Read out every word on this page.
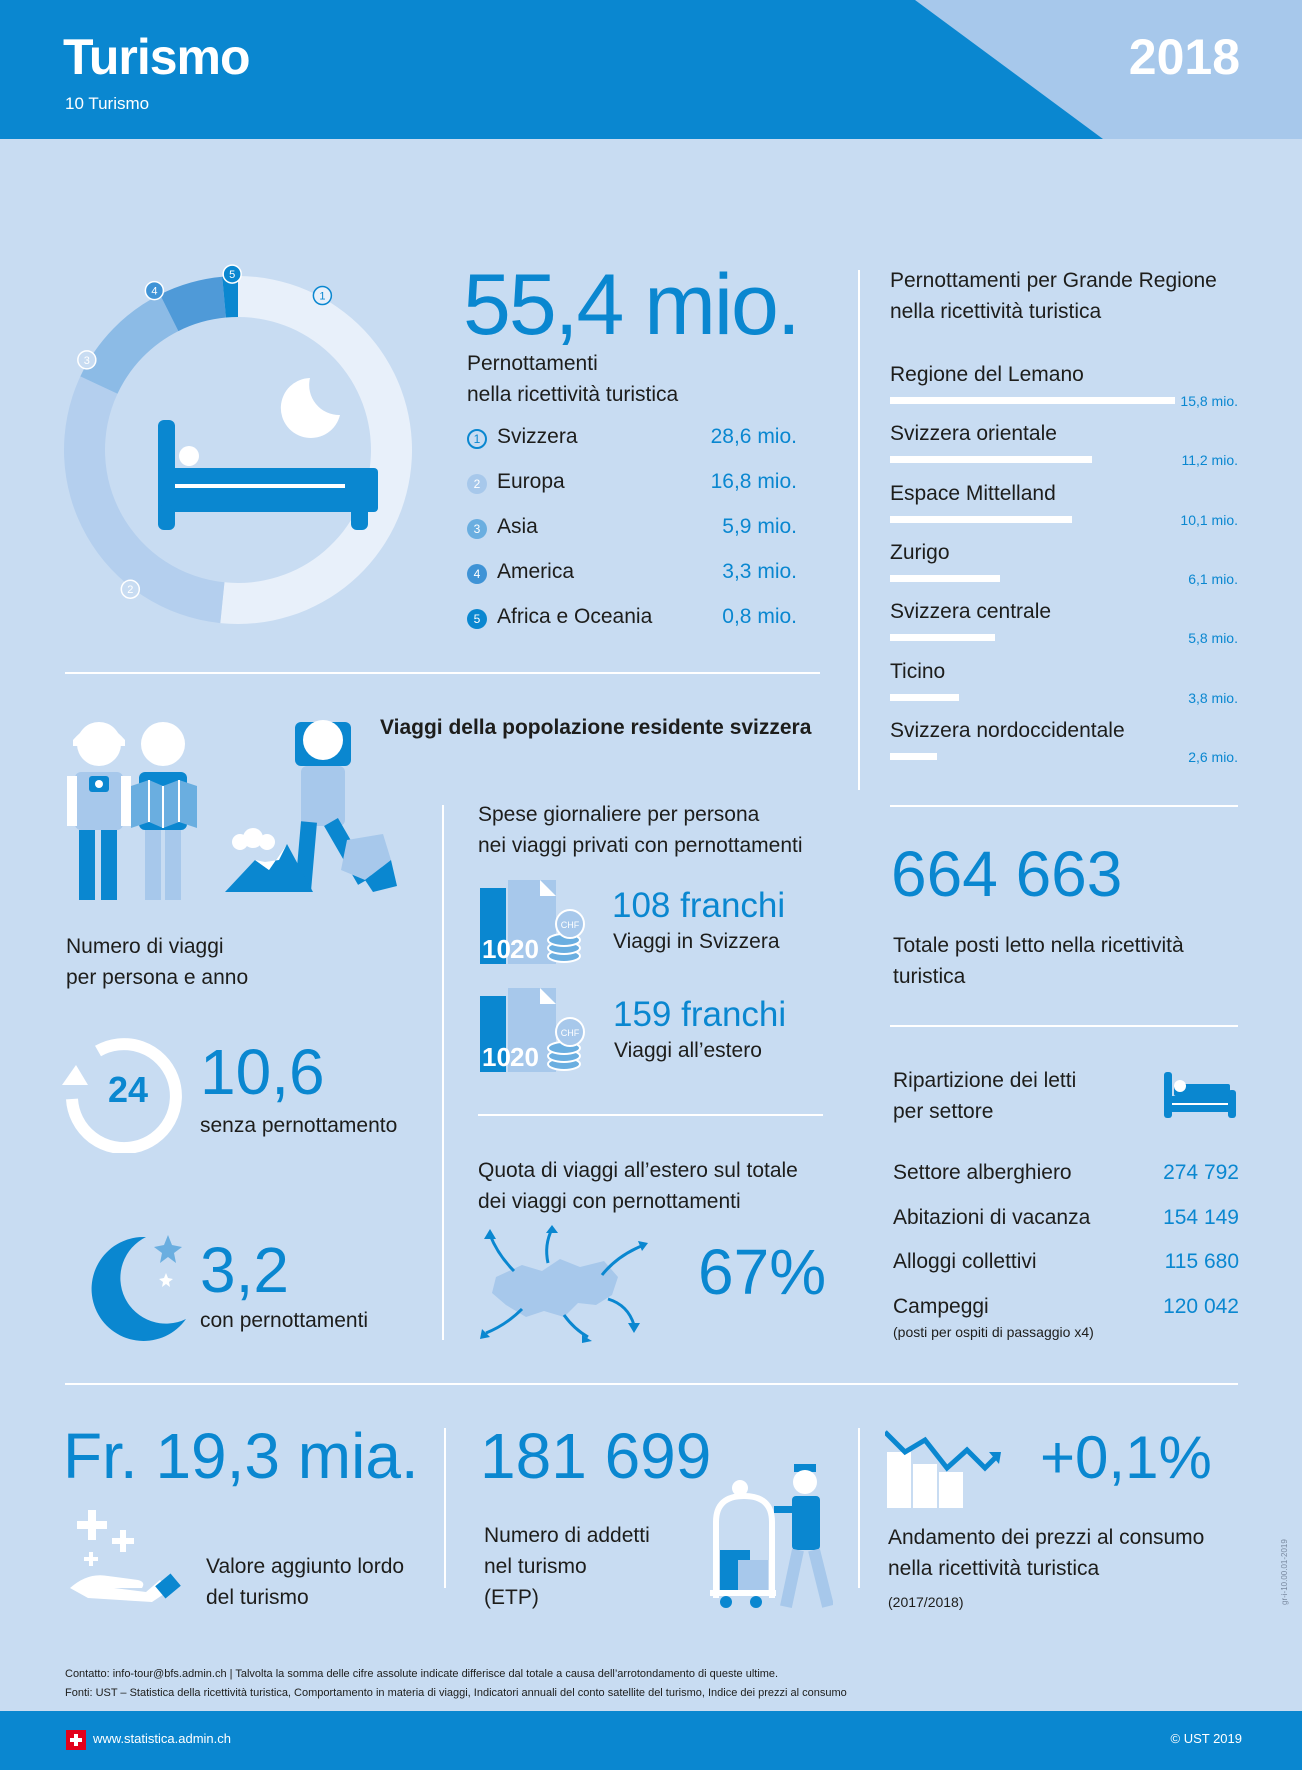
Turismo
10 Turismo
2018
1
2
3
4
5	55,4 mio.
Pernottamenti
nella ricettività turistica
1 Svizzera	28,6 mio.
2 Europa	16,8 mio.
3 Asia	5,9 mio.
4 America	3,3 mio.
5 Africa e Oceania	0,8 mio.
Pernottamenti per Grande Regione
nella ricettività turistica
Regione del Lemano
15,8 mio.
Svizzera orientale
11,2 mio.
Espace Mittelland
10,1 mio.
Zurigo
6,1 mio.
Svizzera centrale
5,8 mio.
Ticino
3,8 mio.
Svizzera nordoccidentale
2,6 mio.
664 663
Totale posti letto nella ricettività
turistica
Ripartizione dei letti
per settore
Settore alberghiero	274 792
Abitazioni di vacanza	154 149
Alloggi collettivi	115 680
Campeggi	120 042
(posti per ospiti di passaggio x4)
Viaggi della popolazione residente svizzera
Numero di viaggi
per persona e anno
24 10,6
senza pernottamento
3,2
con pernottamenti
Spese giornaliere per persona
nei viaggi privati con pernottamenti
10 20
CHF 108 franchi
Viaggi in Svizzera
10 20
CHF 159 franchi
Viaggi all’estero
Quota di viaggi all’estero sul totale
dei viaggi con pernottamenti
67%
Fr. 19,3 mia.
Valore aggiunto lordo
del turismo
181 699
Numero di addetti
nel turismo
(ETP)
+0,1%
Andamento dei prezzi al consumo
nella ricettività turistica
(2017/2018)	gr-i-10.00.01-2019
Contatto: info-tour@bfs.admin.ch | Talvolta la somma delle cifre assolute indicate differisce dal totale a causa dell’arrotondamento di queste ultime.
Fonti: UST – Statistica della ricettività turistica, Comportamento in materia di viaggi, Indicatori annuali del conto satellite del turismo, Indice dei prezzi al consumo
www.statistica.admin.ch	© UST 2019
